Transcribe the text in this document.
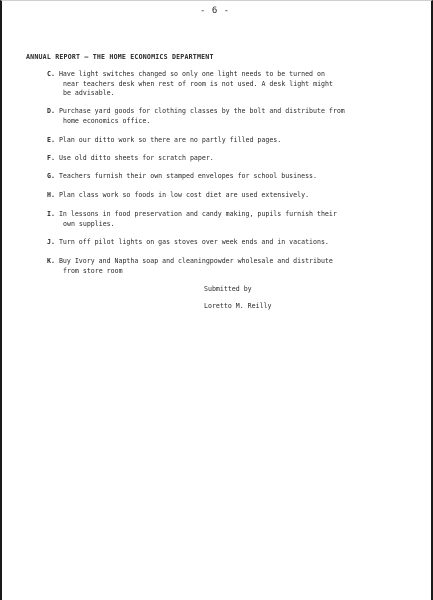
- 6 -
ANNUAL REPORT — THE HOME ECONOMICS DEPARTMENT
C. Have light switches changed so only one light needs to be turned on
near teachers desk when rest of room is not used. A desk light might
be advisable.
D. Purchase yard goods for clothing classes by the bolt and distribute from
home economics office.
E. Plan our ditto work so there are no partly filled pages.
F. Use old ditto sheets for scratch paper.
G. Teachers furnish their own stamped envelopes for school business.
H. Plan class work so foods in low cost diet are used extensively.
I. In lessons in food preservation and candy making, pupils furnish their
own supplies.
J. Turn off pilot lights on gas stoves over week ends and in vacations.
K. Buy Ivory and Naptha soap and cleaningpowder wholesale and distribute
from store room
Submitted by
Loretto M. Reilly
